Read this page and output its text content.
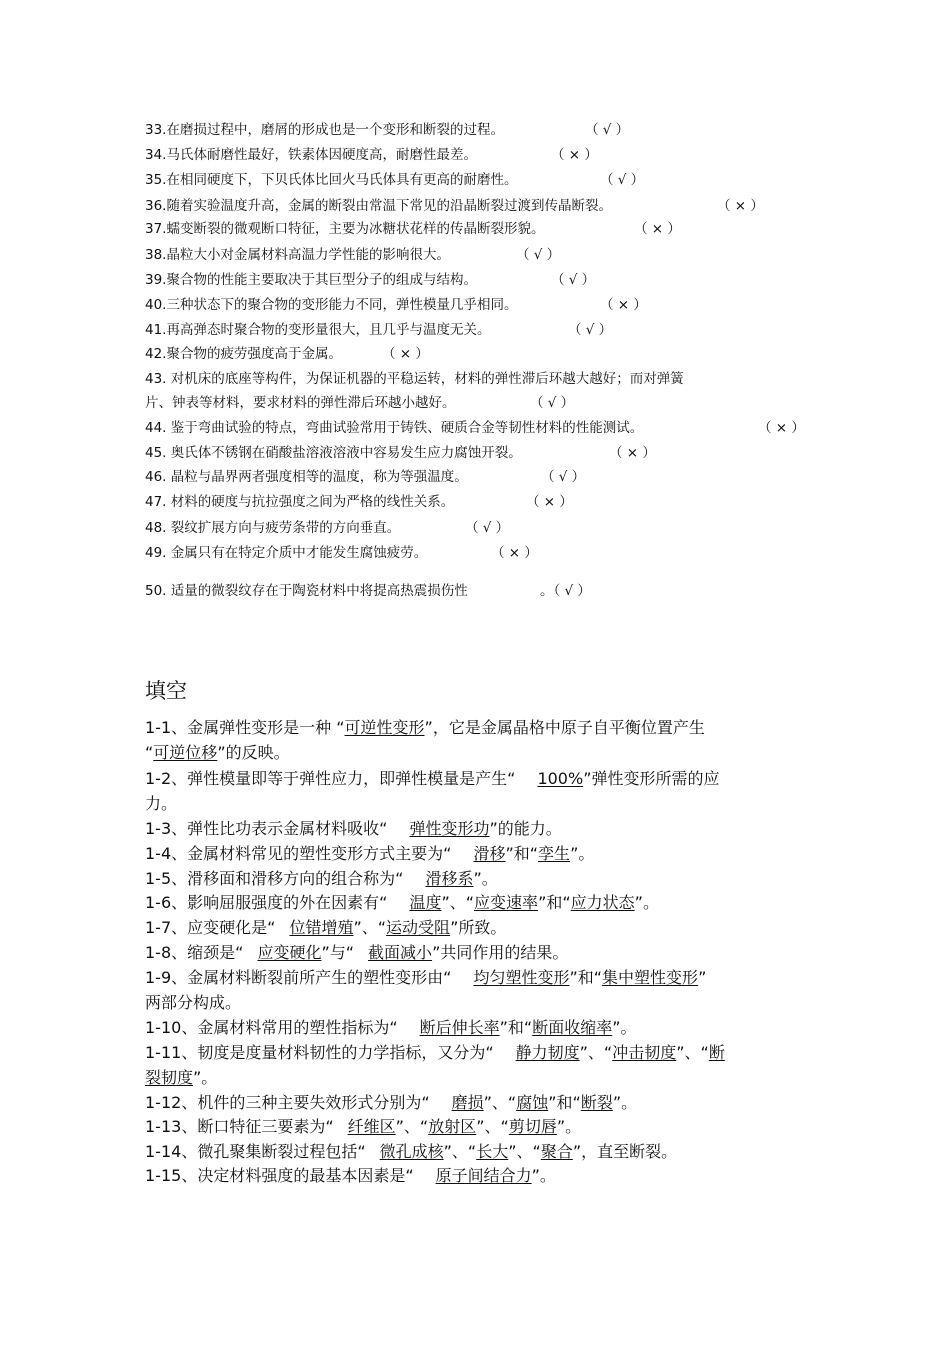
33.在磨损过程中，磨屑的形成也是一个变形和断裂的过程。	（ √ ）
34.马氏体耐磨性最好，铁素体因硬度高，耐磨性最差。	（ × ）
35.在相同硬度下，下贝氏体比回火马氏体具有更高的耐磨性。	（ √ ）
36.随着实验温度升高，金属的断裂由常温下常见的沿晶断裂过渡到传晶断裂。	（ × ）
37.蠕变断裂的微观断口特征，主要为冰糖状花样的传晶断裂形貌。	（ × ）
38.晶粒大小对金属材料高温力学性能的影响很大。	（ √ ）
39.聚合物的性能主要取决于其巨型分子的组成与结构。	（ √ ）
40.三种状态下的聚合物的变形能力不同，弹性模量几乎相同。	（ × ）
41.再高弹态时聚合物的变形量很大，且几乎与温度无关。	（ √ ）
42.聚合物的疲劳强度高于金属。	（ × ）
43. 对机床的底座等构件，为保证机器的平稳运转，材料的弹性滞后环越大越好；而对弹簧
片、钟表等材料，要求材料的弹性滞后环越小越好。	（ √ ）
44. 鉴于弯曲试验的特点，弯曲试验常用于铸铁、硬质合金等韧性材料的性能测试。	（ × ）
45. 奥氏体不锈钢在硝酸盐溶液溶液中容易发生应力腐蚀开裂。	（ × ）
46. 晶粒与晶界两者强度相等的温度，称为等强温度。	（ √ ）
47. 材料的硬度与抗拉强度之间为严格的线性关系。	（ × ）
48. 裂纹扩展方向与疲劳条带的方向垂直。	（ √ ）
49. 金属只有在特定介质中才能发生腐蚀疲劳。	（ × ）
50. 适量的微裂纹存在于陶瓷材料中将提高热震损伤性	。（ √ ）
填空
1-1、金属弹性变形是一种 “可逆性变形”，它是金属晶格中原子自平衡位置产生
“可逆位移”的反映。
1-2、弹性模量即等于弹性应力，即弹性模量是产生“ 100%”弹性变形所需的应
力。
1-3、弹性比功表示金属材料吸收“ 弹性变形功”的能力。
1-4、金属材料常见的塑性变形方式主要为“ 滑移”和“孪生”。
1-5、滑移面和滑移方向的组合称为“ 滑移系”。
1-6、影响屈服强度的外在因素有“ 温度”、“应变速率”和“应力状态”。
1-7、应变硬化是“ 位错增殖”、“运动受阻”所致。
1-8、缩颈是“ 应变硬化”与“ 截面减小”共同作用的结果。
1-9、金属材料断裂前所产生的塑性变形由“ 均匀塑性变形”和“集中塑性变形”
两部分构成。
1-10、金属材料常用的塑性指标为“ 断后伸长率”和“断面收缩率”。
1-11、韧度是度量材料韧性的力学指标，又分为“ 静力韧度”、“冲击韧度”、“断
裂韧度”。
1-12、机件的三种主要失效形式分别为“ 磨损”、“腐蚀”和“断裂”。
1-13、断口特征三要素为“ 纤维区”、“放射区”、“剪切唇”。
1-14、微孔聚集断裂过程包括“ 微孔成核”、“长大”、“聚合”，直至断裂。
1-15、决定材料强度的最基本因素是“ 原子间结合力”。
